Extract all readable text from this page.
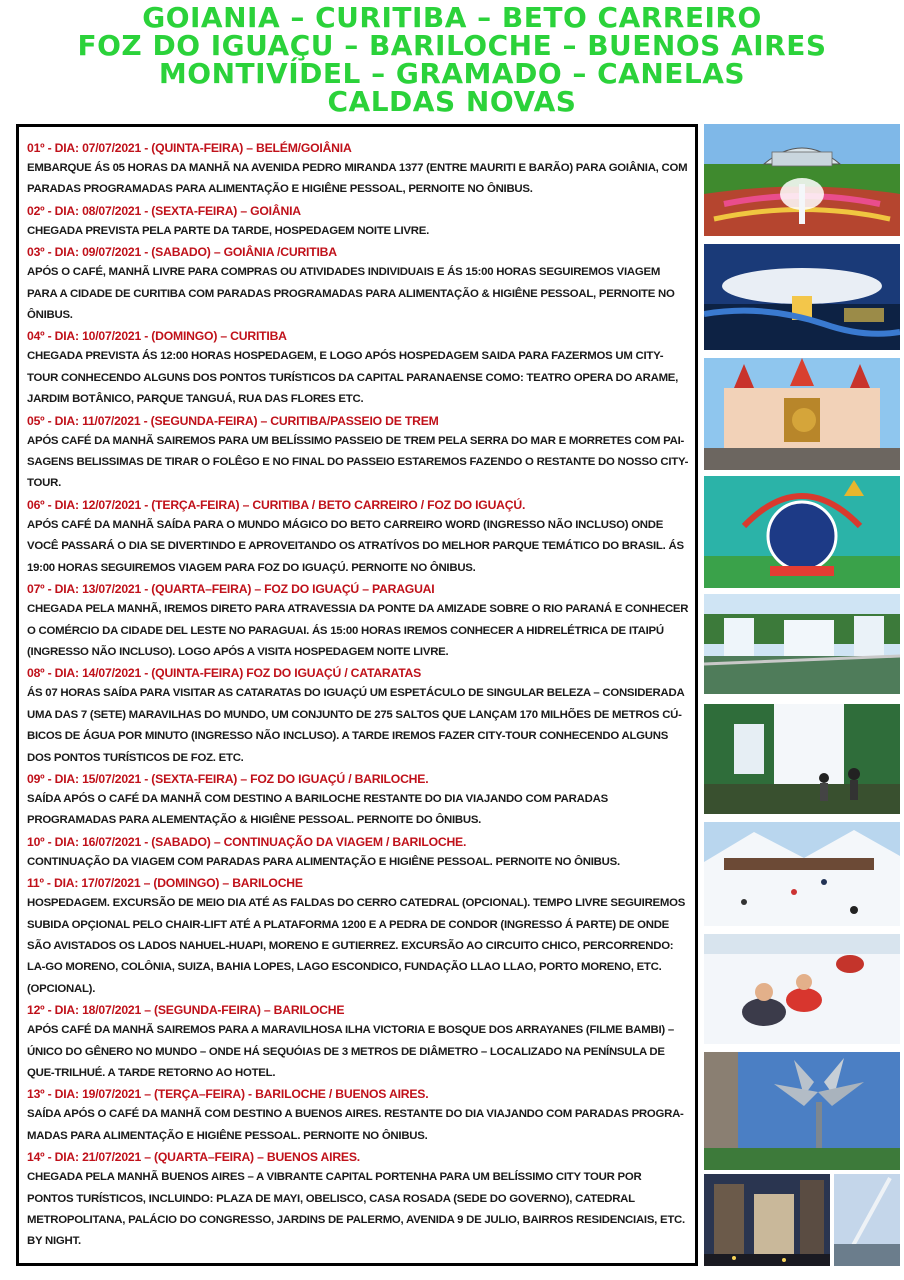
GOIANIA – CURITIBA – BETO CARREIRO
FOZ DO IGUAÇU – BARILOCHE – BUENOS AIRES
MONTIVÍDEL – GRAMADO – CANELAS
CALDAS NOVAS
01º - DIA: 07/07/2021 - (QUINTA-FEIRA) – BELÉM/GOIÂNIA
EMBARQUE ÁS 05 HORAS DA MANHÃ NA AVENIDA PEDRO MIRANDA 1377 (ENTRE MAURITI E BARÃO) PARA GOIÂNIA, COM PARADAS PROGRAMADAS PARA ALIMENTAÇÃO E HIGIÊNE PESSOAL, PERNOITE NO ÔNIBUS.
02º - DIA: 08/07/2021 - (SEXTA-FEIRA) – GOIÂNIA
CHEGADA PREVISTA PELA PARTE DA TARDE, HOSPEDAGEM NOITE LIVRE.
03º - DIA: 09/07/2021 - (SABADO) – GOIÂNIA /CURITIBA
APÓS O CAFÉ, MANHÃ LIVRE PARA COMPRAS OU ATIVIDADES INDIVIDUAIS E ÁS 15:00 HORAS SEGUIREMOS VIAGEM PARA A CIDADE DE CURITIBA COM PARADAS PROGRAMADAS PARA ALIMENTAÇÃO & HIGIÊNE PESSOAL, PERNOITE NO ÔNIBUS.
04º - DIA: 10/07/2021 - (DOMINGO) – CURITIBA
CHEGADA PREVISTA ÁS 12:00 HORAS HOSPEDAGEM, E LOGO APÓS HOSPEDAGEM SAIDA PARA FAZERMOS UM CITY-TOUR CONHECENDO ALGUNS DOS PONTOS TURÍSTICOS DA CAPITAL PARANAENSE COMO: TEATRO OPERA DO ARAME, JARDIM BOTÂNICO, PARQUE TANGUÁ, RUA DAS FLORES ETC.
05º - DIA: 11/07/2021 - (SEGUNDA-FEIRA) – CURITIBA/PASSEIO DE TREM
APÓS CAFÉ DA MANHÃ SAIREMOS PARA UM BELÍSSIMO PASSEIO DE TREM PELA SERRA DO MAR E MORRETES COM PAI-SAGENS BELISSIMAS DE TIRAR O FOLÊGO E NO FINAL DO PASSEIO ESTAREMOS FAZENDO O RESTANTE DO NOSSO CITY-TOUR.
06º - DIA: 12/07/2021 - (TERÇA-FEIRA) – CURITIBA / BETO CARREIRO / FOZ DO IGUAÇÚ.
APÓS CAFÉ DA MANHÃ SAÍDA PARA O MUNDO MÁGICO DO BETO CARREIRO WORD (INGRESSO NÃO INCLUSO) ONDE VOCÊ PASSARÁ O DIA SE DIVERTINDO E APROVEITANDO OS ATRATÍVOS DO MELHOR PARQUE TEMÁTICO DO BRASIL. ÁS 19:00 HORAS SEGUIREMOS VIAGEM PARA FOZ DO IGUAÇÚ. PERNOITE NO ÔNIBUS.
07º - DIA: 13/07/2021 - (QUARTA–FEIRA) – FOZ DO IGUAÇÚ – PARAGUAI
CHEGADA PELA MANHÃ, IREMOS DIRETO PARA ATRAVESSIA DA PONTE DA AMIZADE SOBRE O RIO PARANÁ E CONHECER O COMÉRCIO DA CIDADE DEL LESTE NO PARAGUAI. ÁS 15:00 HORAS IREMOS CONHECER A HIDRELÉTRICA DE ITAIPÚ (INGRESSO NÃO INCLUSO). LOGO APÓS A VISITA HOSPEDAGEM NOITE LIVRE.
08º - DIA: 14/07/2021 - (QUINTA-FEIRA) FOZ DO IGUAÇÚ / CATARATAS
ÁS 07 HORAS SAÍDA PARA VISITAR AS CATARATAS DO IGUAÇÚ UM ESPETÁCULO DE SINGULAR BELEZA – CONSIDERADA UMA DAS 7 (SETE) MARAVILHAS DO MUNDO, UM CONJUNTO DE 275 SALTOS QUE LANÇAM 170 MILHÕES DE METROS CÚ-BICOS DE ÁGUA POR MINUTO (INGRESSO NÃO INCLUSO). A TARDE IREMOS FAZER CITY-TOUR CONHECENDO ALGUNS DOS PONTOS TURÍSTICOS DE FOZ. ETC.
09º - DIA: 15/07/2021 - (SEXTA-FEIRA) – FOZ DO IGUAÇÚ / BARILOCHE.
SAÍDA APÓS O CAFÉ DA MANHÃ COM DESTINO A BARILOCHE RESTANTE DO DIA VIAJANDO COM PARADAS PROGRAMADAS PARA ALEMENTAÇÃO & HIGIÊNE PESSOAL. PERNOITE DO ÔNIBUS.
10º - DIA: 16/07/2021 - (SABADO) – CONTINUAÇÃO DA VIAGEM / BARILOCHE.
CONTINUAÇÃO DA VIAGEM COM PARADAS PARA ALIMENTAÇÃO E HIGIÊNE PESSOAL. PERNOITE NO ÔNIBUS.
11º - DIA: 17/07/2021 – (DOMINGO) – BARILOCHE
HOSPEDAGEM. EXCURSÃO DE MEIO DIA ATÉ AS FALDAS DO CERRO CATEDRAL (OPCIONAL). TEMPO LIVRE SEGUIREMOS SUBIDA OPÇIONAL PELO CHAIR-LIFT ATÉ A PLATAFORMA 1200 E A PEDRA DE CONDOR (INGRESSO Á PARTE) DE ONDE SÃO AVISTADOS OS LADOS NAHUEL-HUAPI, MORENO E GUTIERREZ. EXCURSÃO AO CIRCUITO CHICO, PERCORRENDO: LA-GO MORENO, COLÔNIA, SUIZA, BAHIA LOPES, LAGO ESCONDICO, FUNDAÇÃO LLAO LLAO, PORTO MORENO, ETC. (OPCIONAL).
12º - DIA: 18/07/2021 – (SEGUNDA-FEIRA) – BARILOCHE
APÓS CAFÉ DA MANHÃ SAIREMOS PARA A MARAVILHOSA ILHA VICTORIA E BOSQUE DOS ARRAYANES (FILME BAMBI) – ÚNICO DO GÊNERO NO MUNDO – ONDE HÁ SEQUÓIAS DE 3 METROS DE DIÂMETRO – LOCALIZADO NA PENÍNSULA DE QUE-TRILHUÉ. A TARDE RETORNO AO HOTEL.
13º - DIA: 19/07/2021 – (TERÇA–FEIRA) - BARILOCHE / BUENOS AIRES.
SAÍDA APÓS O CAFÉ DA MANHÃ COM DESTINO A BUENOS AIRES. RESTANTE DO DIA VIAJANDO COM PARADAS PROGRA-MADAS PARA ALIMENTAÇÃO E HIGIÊNE PESSOAL. PERNOITE NO ÔNIBUS.
14º - DIA: 21/07/2021 – (QUARTA–FEIRA) – BUENOS AIRES.
CHEGADA PELA MANHÃ BUENOS AIRES – A VIBRANTE CAPITAL PORTENHA PARA UM BELÍSSIMO CITY TOUR POR PONTOS TURÍSTICOS, INCLUINDO: PLAZA DE MAYI, OBELISCO, CASA ROSADA (SEDE DO GOVERNO), CATEDRAL METROPOLITANA, PALÁCIO DO CONGRESSO, JARDINS DE PALERMO, AVENIDA 9 DE JULIO, BAIRROS RESIDENCIAIS, ETC. BY NIGHT.
